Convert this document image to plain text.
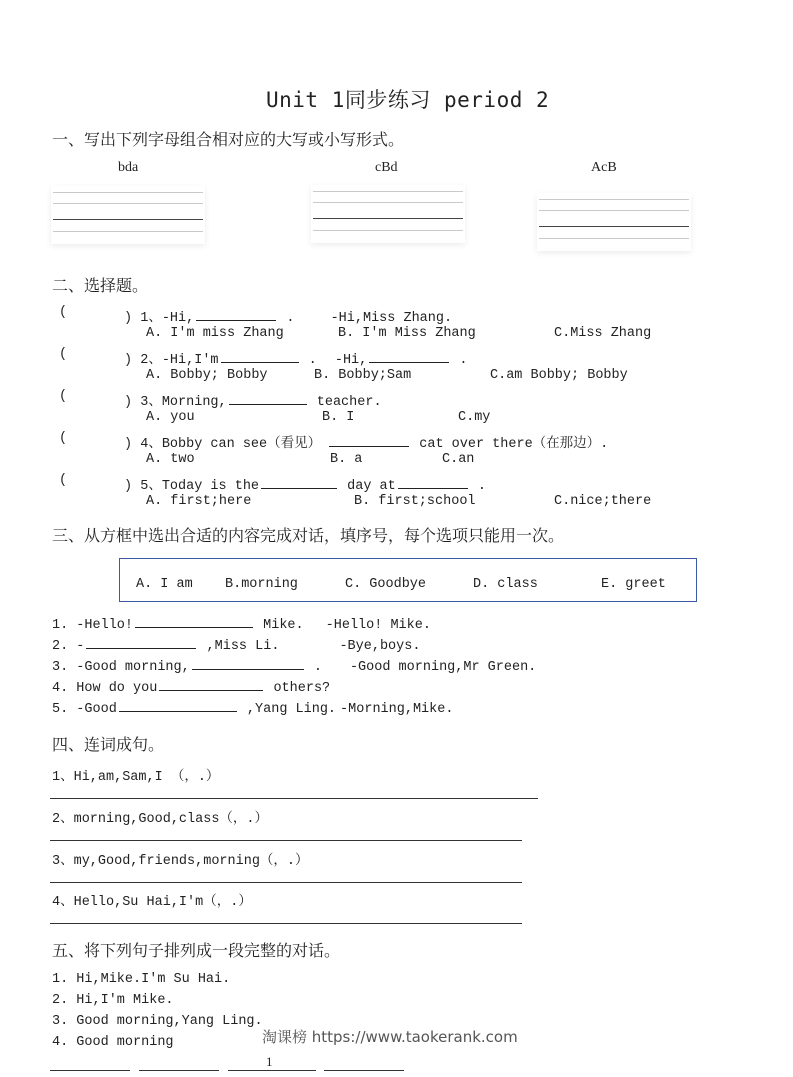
Unit 1同步练习 period 2
一、写出下列字母组合相对应的大写或小写形式。
bda	cBd	AcB
二、选择题。
(	) 1、-Hi,	.	-Hi,Miss Zhang.
A. I'm miss Zhang	B. I'm Miss Zhang	C.Miss Zhang
(	) 2、-Hi,I'm	. -Hi,	.
A. Bobby; Bobby	B. Bobby;Sam	C.am Bobby; Bobby
(	) 3、Morning,	teacher.
A. you	B. I	C.my
(	) 4、Bobby can see（看见）	cat over there（在那边）.
A. two	B. a	C.an
(	) 5、Today is the	day at	.
A. first;here	B. first;school	C.nice;there
三、从方框中选出合适的内容完成对话，填序号，每个选项只能用一次。
A. I am B.morning	C. Goodbye	D. class	E. greet
1. -Hello!	Mike. -Hello! Mike.
2. -	,Miss Li.	-Bye,boys.
3. -Good morning,	. -Good morning,Mr Green.
4. How do you	others?
5. -Good	,Yang Ling. -Morning,Mike.
四、连词成句。
1、Hi,am,Sam,I （，.）
2、morning,Good,class（，.）
3、my,Good,friends,morning（，.）
4、Hello,Su Hai,I'm（，.）
五、将下列句子排列成一段完整的对话。
1. Hi,Mike.I'm Su Hai.
2. Hi,I'm Mike.
3. Good morning,Yang Ling.
4. Good morning	淘课榜 https://www.taokerank.com
1
